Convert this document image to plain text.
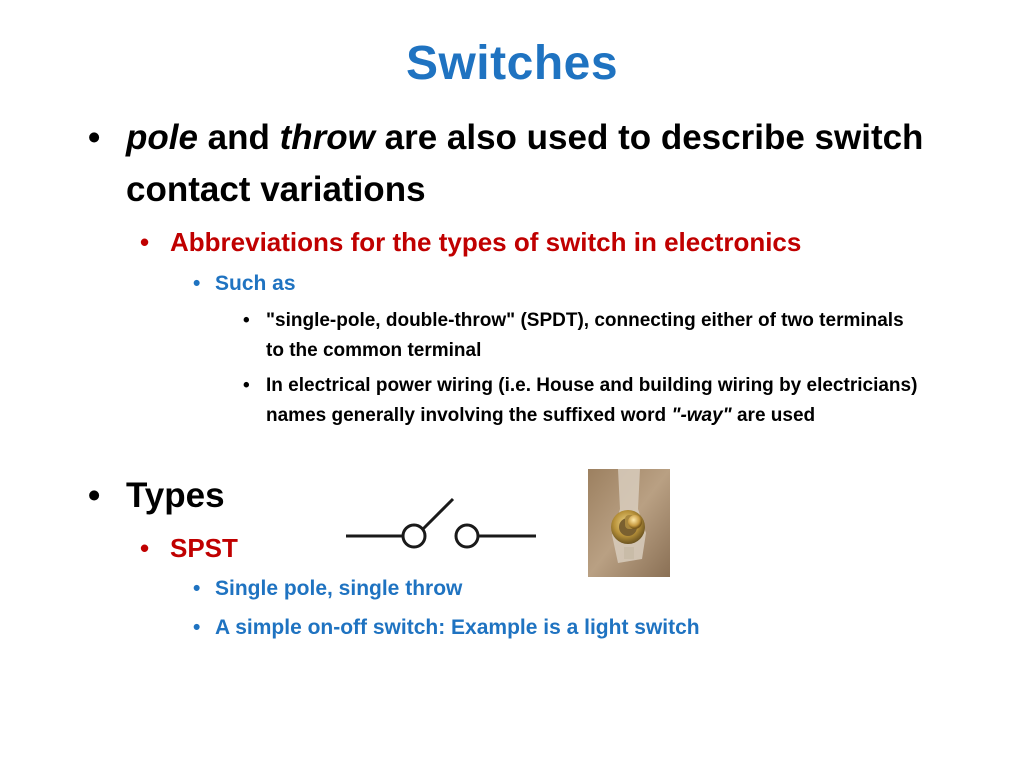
Switches
• pole and throw are also used to describe switch contact variations
• Abbreviations for the types of switch in electronics
• Such as
• "single-pole, double-throw" (SPDT), connecting either of two terminals to the common terminal
• In electrical power wiring (i.e. House and building wiring by electricians) names generally involving the suffixed word "-way" are used
• Types
• SPST
• Single pole, single throw
• A simple on-off switch: Example is a light switch
